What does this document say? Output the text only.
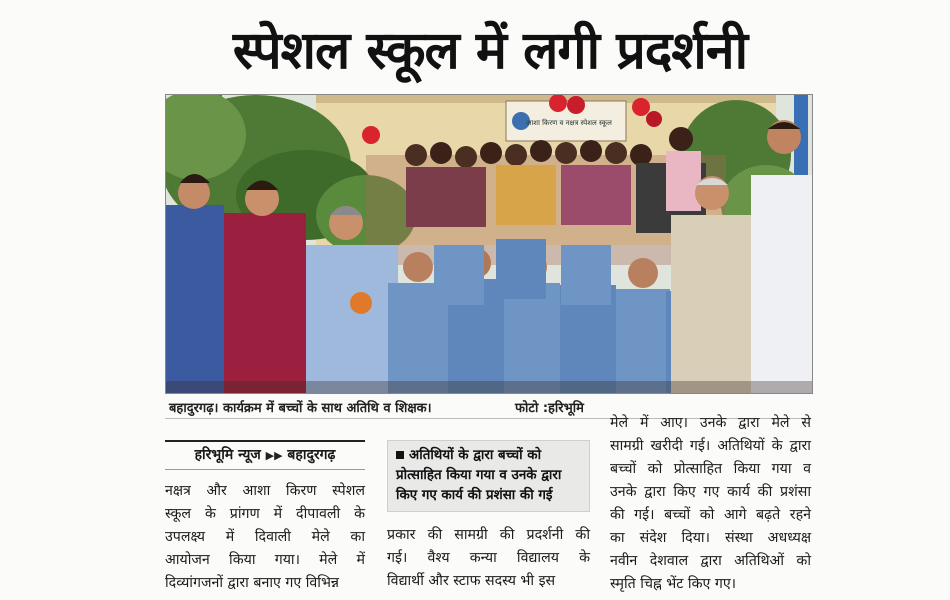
स्पेशल स्कूल में लगी प्रदर्शनी
आशा किरण व नक्षत्र स्पेशल स्कूल
बहादुरगढ़। कार्यक्रम में बच्चों के साथ अतिथि व शिक्षक।	फोटो :हरिभूमि
हरिभूमि न्यूज ▶▶ बहादुरगढ़
नक्षत्र और आशा किरण स्पेशल
स्कूल के प्रांगण में दीपावली के
उपलक्ष्य में दिवाली मेले का
आयोजन किया गया। मेले में
दिव्यांगजनों द्वारा बनाए गए विभिन्न
अतिथियों के द्वारा बच्चों को
प्रोत्साहित किया गया व उनके द्वारा
किए गए कार्य की प्रशंसा की गई
प्रकार की सामग्री की प्रदर्शनी की
गई। वैश्य कन्या विद्यालय के
विद्यार्थी और स्टाफ सदस्य भी इस
मेले में आए। उनके द्वारा मेले से
सामग्री खरीदी गई। अतिथियों के द्वारा
बच्चों को प्रोत्साहित किया गया व
उनके द्वारा किए गए कार्य की प्रशंसा
की गई। बच्चों को आगे बढ़ते रहने
का संदेश दिया। संस्था अधध्यक्ष
नवीन देशवाल द्वारा अतिथिओं को
स्मृति चिह्न भेंट किए गए।
